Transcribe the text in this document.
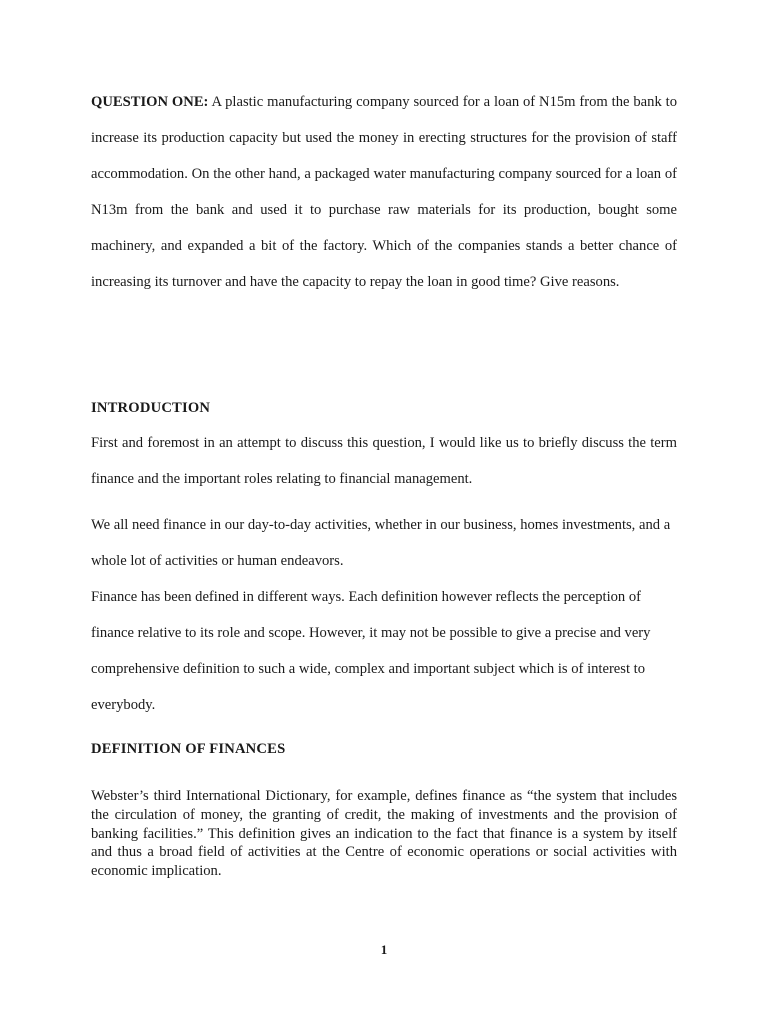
QUESTION ONE: A plastic manufacturing company sourced for a loan of N15m from the bank to increase its production capacity but used the money in erecting structures for the provision of staff accommodation. On the other hand, a packaged water manufacturing company sourced for a loan of N13m from the bank and used it to purchase raw materials for its production, bought some machinery, and expanded a bit of the factory. Which of the companies stands a better chance of increasing its turnover and have the capacity to repay the loan in good time? Give reasons.

INTRODUCTION

First and foremost in an attempt to discuss this question, I would like us to briefly discuss the term finance and the important roles relating to financial management.

We all need finance in our day-to-day activities, whether in our business, homes investments, and a whole lot of activities or human endeavors.

Finance has been defined in different ways. Each definition however reflects the perception of finance relative to its role and scope. However, it may not be possible to give a precise and very comprehensive definition to such a wide, complex and important subject which is of interest to everybody.

DEFINITION OF FINANCES

Webster’s third International Dictionary, for example, defines finance as “the system that includes the circulation of money, the granting of credit, the making of investments and the provision of banking facilities.” This definition gives an indication to the fact that finance is a system by itself and thus a broad field of activities at the Centre of economic operations or social activities with economic implication.

1
